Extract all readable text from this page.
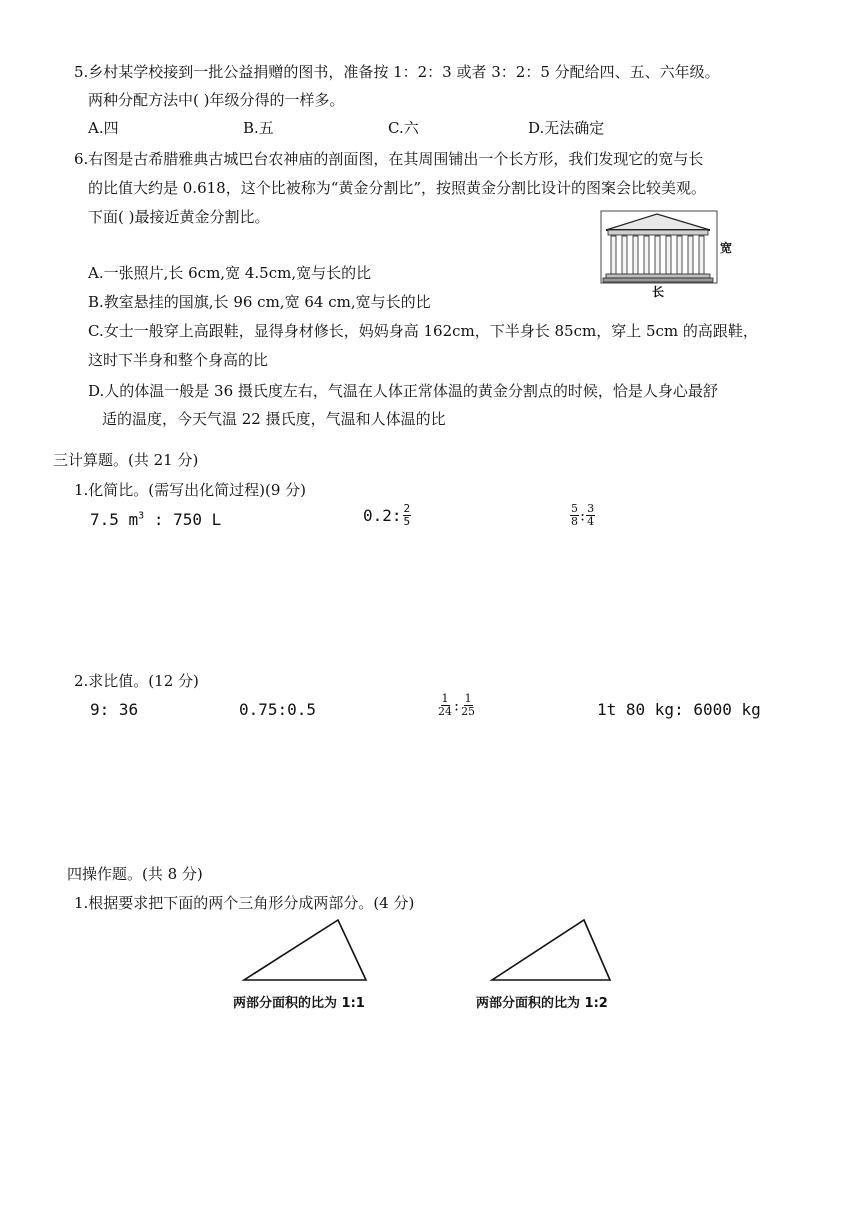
5.乡村某学校接到一批公益捐赠的图书，准备按 1：2：3 或者 3：2：5 分配给四、五、六年级。
两种分配方法中( )年级分得的一样多。
A.四	B.五	C.六	D.无法确定
6.右图是古希腊雅典古城巴台农神庙的剖面图，在其周围铺出一个长方形，我们发现它的宽与长
的比值大约是 0.618，这个比被称为“黄金分割比”，按照黄金分割比设计的图案会比较美观。
下面( )最接近黄金分割比。
宽
长
A.一张照片,长 6cm,宽 4.5cm,宽与长的比
B.教室悬挂的国旗,长 96 cm,宽 64 cm,宽与长的比
C.女士一般穿上高跟鞋，显得身材修长，妈妈身高 162cm，下半身长 85cm，穿上 5cm 的高跟鞋，
这时下半身和整个身高的比
D.人的体温一般是 36 摄氏度左右，气温在人体正常体温的黄金分割点的时候，恰是人身心最舒
适的温度，今天气温 22 摄氏度，气温和人体温的比
三计算题。(共 21 分)
1.化简比。(需写出化简过程)(9 分)
7.5 $m^3$ : 750 L	0.2: $\frac{2}{5}$	$\frac{5}{8}$ : $\frac{3}{4}$
2.求比值。(12 分)
9: 36	0.75:0.5	$\frac{1}{24}$ : $\frac{1}{25}$	1t 80 kg: 6000 kg
四操作题。(共 8 分)
1.根据要求把下面的两个三角形分成两部分。(4 分)
两部分面积的比为 1:1	两部分面积的比为 1:2
